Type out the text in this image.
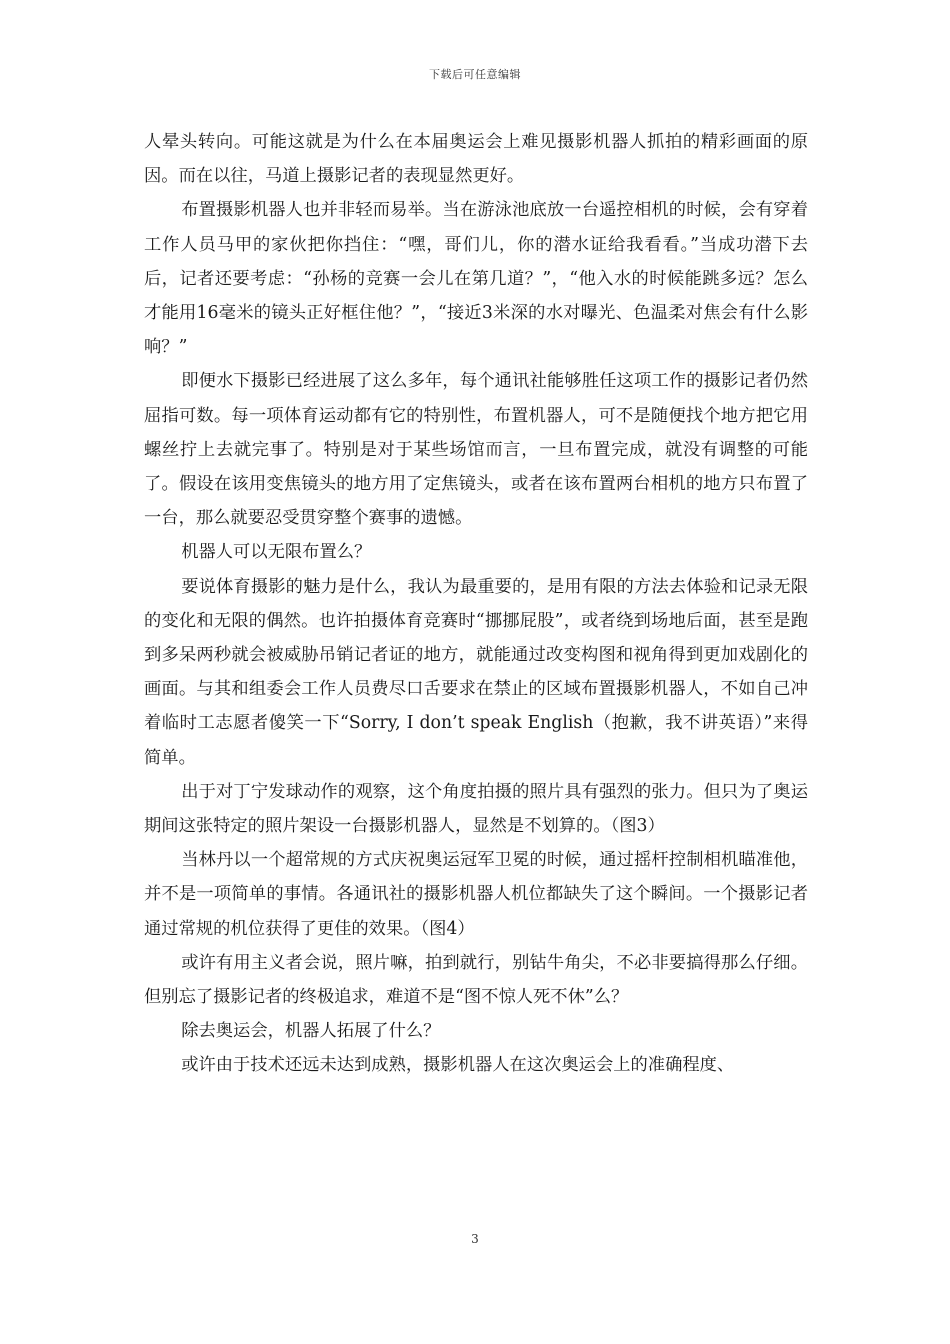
下载后可任意编辑

人晕头转向。可能这就是为什么在本届奥运会上难见摄影机器人抓拍的精彩画面的原因。而在以往，马道上摄影记者的表现显然更好。

布置摄影机器人也并非轻而易举。当在游泳池底放一台遥控相机的时候，会有穿着工作人员马甲的家伙把你挡住：“嘿，哥们儿，你的潜水证给我看看。”当成功潜下去后，记者还要考虑：“孙杨的竞赛一会儿在第几道？”，“他入水的时候能跳多远？怎么才能用16毫米的镜头正好框住他？”，“接近3米深的水对曝光、色温柔对焦会有什么影响？”

即便水下摄影已经进展了这么多年，每个通讯社能够胜任这项工作的摄影记者仍然屈指可数。每一项体育运动都有它的特别性，布置机器人，可不是随便找个地方把它用螺丝拧上去就完事了。特别是对于某些场馆而言，一旦布置完成，就没有调整的可能了。假设在该用变焦镜头的地方用了定焦镜头，或者在该布置两台相机的地方只布置了一台，那么就要忍受贯穿整个赛事的遗憾。

机器人可以无限布置么？

要说体育摄影的魅力是什么，我认为最重要的，是用有限的方法去体验和记录无限的变化和无限的偶然。也许拍摄体育竞赛时“挪挪屁股”，或者绕到场地后面，甚至是跑到多呆两秒就会被威胁吊销记者证的地方，就能通过改变构图和视角得到更加戏剧化的画面。与其和组委会工作人员费尽口舌要求在禁止的区域布置摄影机器人，不如自己冲着临时工志愿者傻笑一下“Sorry, I don’t speak English（抱歉，我不讲英语）”来得简单。

出于对丁宁发球动作的观察，这个角度拍摄的照片具有强烈的张力。但只为了奥运期间这张特定的照片架设一台摄影机器人，显然是不划算的。（图3）

当林丹以一个超常规的方式庆祝奥运冠军卫冕的时候，通过摇杆控制相机瞄准他，并不是一项简单的事情。各通讯社的摄影机器人机位都缺失了这个瞬间。一个摄影记者通过常规的机位获得了更佳的效果。（图4）

或许有用主义者会说，照片嘛，拍到就行，别钻牛角尖，不必非要搞得那么仔细。但别忘了摄影记者的终极追求，难道不是“图不惊人死不休”么？

除去奥运会，机器人拓展了什么？

或许由于技术还远未达到成熟，摄影机器人在这次奥运会上的准确程度、

3
